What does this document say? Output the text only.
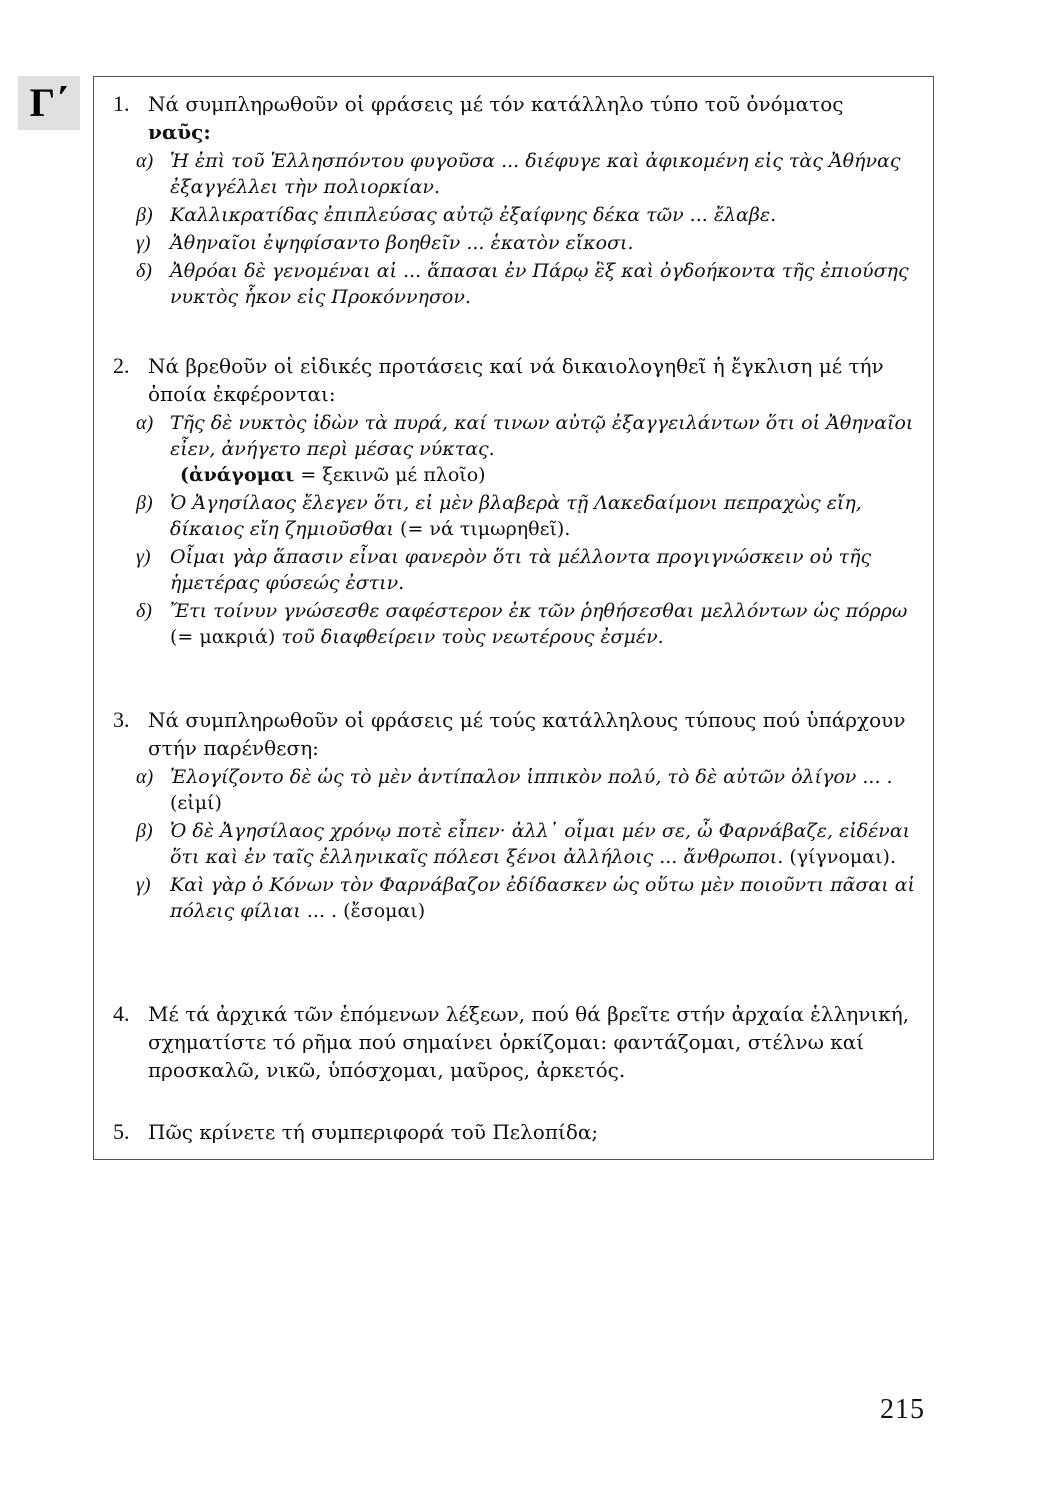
Γ΄	1. Νά συμπληρωθοῦν οἱ φράσεις μέ τόν κατάλληλο τύπο τοῦ ὀνόματος
ναῦς:
α) Ἡ ἐπὶ τοῦ Ἑλλησπόντου φυγοῦσα ... διέφυγε καὶ ἀφικομένη εἰς τὰς Ἀθήνας ἐξαγγέλλει τὴν πολιορκίαν.
β) Καλλικρατίδας ἐπιπλεύσας αὐτῷ ἐξαίφνης δέκα τῶν ... ἔλαβε.
γ) Ἀθηναῖοι ἐψηφίσαντο βοηθεῖν ... ἑκατὸν εἴκοσι.
δ) Ἀθρόαι δὲ γενομέναι αἱ ... ἅπασαι ἐν Πάρῳ ἓξ καὶ ὀγδοήκοντα τῆς ἐπιούσης νυκτὸς ἧκον εἰς Προκόννησον.
2. Νά βρεθοῦν οἱ εἰδικές προτάσεις καί νά δικαιολογηθεῖ ἡ ἔγκλιση μέ τήν ὁποία ἐκφέρονται:
α) Τῆς δὲ νυκτὸς ἰδὼν τὰ πυρά, καί τινων αὐτῷ ἐξαγγειλάντων ὅτι οἱ Ἀθηναῖοι εἶεν, ἀνήγετο περὶ μέσας νύκτας.
(ἀνάγομαι = ξεκινῶ μέ πλοῖο)
β) Ὁ Ἀγησίλαος ἔλεγεν ὅτι, εἰ μὲν βλαβερὰ τῇ Λακεδαίμονι πεπραχὼς εἴη, δίκαιος εἴη ζημιοῦσθαι (= νά τιμωρηθεῖ).
γ) Οἶμαι γὰρ ἅπασιν εἶναι φανερὸν ὅτι τὰ μέλλοντα προγιγνώσκειν οὐ τῆς ἡμετέρας φύσεώς ἐστιν.
δ) Ἔτι τοίνυν γνώσεσθε σαφέστερον ἐκ τῶν ῥηθήσεσθαι μελλόντων ὡς πόρρω (= μακριά) τοῦ διαφθείρειν τοὺς νεωτέρους ἐσμέν.
3. Νά συμπληρωθοῦν οἱ φράσεις μέ τούς κατάλληλους τύπους πού ὑπάρχουν στήν παρένθεση:
α) Ἐλογίζοντο δὲ ὡς τὸ μὲν ἀντίπαλον ἱππικὸν πολύ, τὸ δὲ αὐτῶν ὀλίγον ... . (εἰμί)
β) Ὁ δὲ Ἀγησίλαος χρόνῳ ποτὲ εἶπεν· ἀλλ᾽ οἶμαι μέν σε, ὦ Φαρνάβαζε, εἰδέναι ὅτι καὶ ἐν ταῖς ἑλληνικαῖς πόλεσι ξένοι ἀλλήλοις ... ἄνθρωποι. (γίγνομαι).
γ) Καὶ γὰρ ὁ Κόνων τὸν Φαρνάβαζον ἐδίδασκεν ὡς οὕτω μὲν ποιοῦντι πᾶσαι αἱ πόλεις φίλιαι ... . (ἔσομαι)
4. Μέ τά ἀρχικά τῶν ἑπόμενων λέξεων, πού θά βρεῖτε στήν ἀρχαία ἑλληνική, σχηματίστε τό ρῆμα πού σημαίνει ὁρκίζομαι: φαντάζομαι, στέλνω καί προσκαλῶ, νικῶ, ὑπόσχομαι, μαῦρος, ἀρκετός.
5. Πῶς κρίνετε τή συμπεριφορά τοῦ Πελοπίδα;
215
